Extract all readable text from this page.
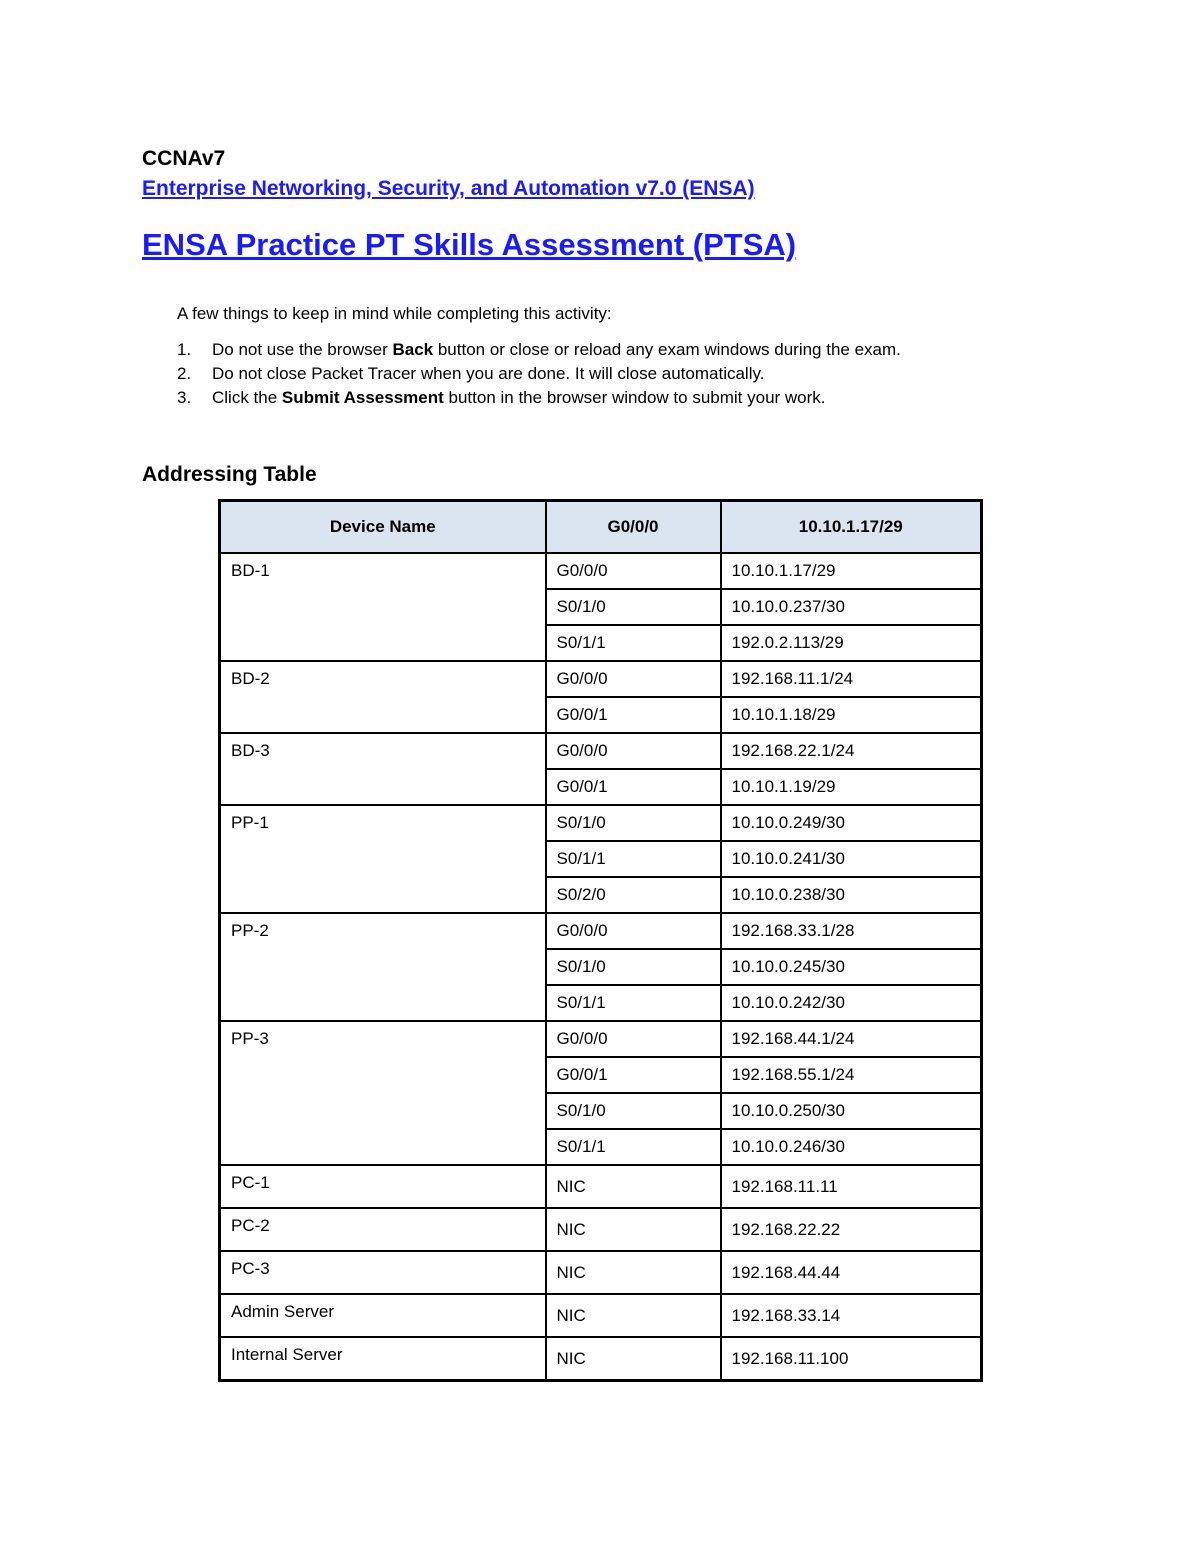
CCNAv7
Enterprise Networking, Security, and Automation v7.0 (ENSA)
ENSA Practice PT Skills Assessment (PTSA)
A few things to keep in mind while completing this activity:
1. Do not use the browser Back button or close or reload any exam windows during the exam.
2. Do not close Packet Tracer when you are done. It will close automatically.
3. Click the Submit Assessment button in the browser window to submit your work.
Addressing Table
Device Name	G0/0/0	10.10.1.17/29
BD-1	G0/0/0	10.10.1.17/29
	S0/1/0	10.10.0.237/30
	S0/1/1	192.0.2.113/29
BD-2	G0/0/0	192.168.11.1/24
	G0/0/1	10.10.1.18/29
BD-3	G0/0/0	192.168.22.1/24
	G0/0/1	10.10.1.19/29
PP-1	S0/1/0	10.10.0.249/30
	S0/1/1	10.10.0.241/30
	S0/2/0	10.10.0.238/30
PP-2	G0/0/0	192.168.33.1/28
	S0/1/0	10.10.0.245/30
	S0/1/1	10.10.0.242/30
PP-3	G0/0/0	192.168.44.1/24
	G0/0/1	192.168.55.1/24
	S0/1/0	10.10.0.250/30
	S0/1/1	10.10.0.246/30
PC-1	NIC	192.168.11.11
PC-2	NIC	192.168.22.22
PC-3	NIC	192.168.44.44
Admin Server	NIC	192.168.33.14
Internal Server	NIC	192.168.11.100
